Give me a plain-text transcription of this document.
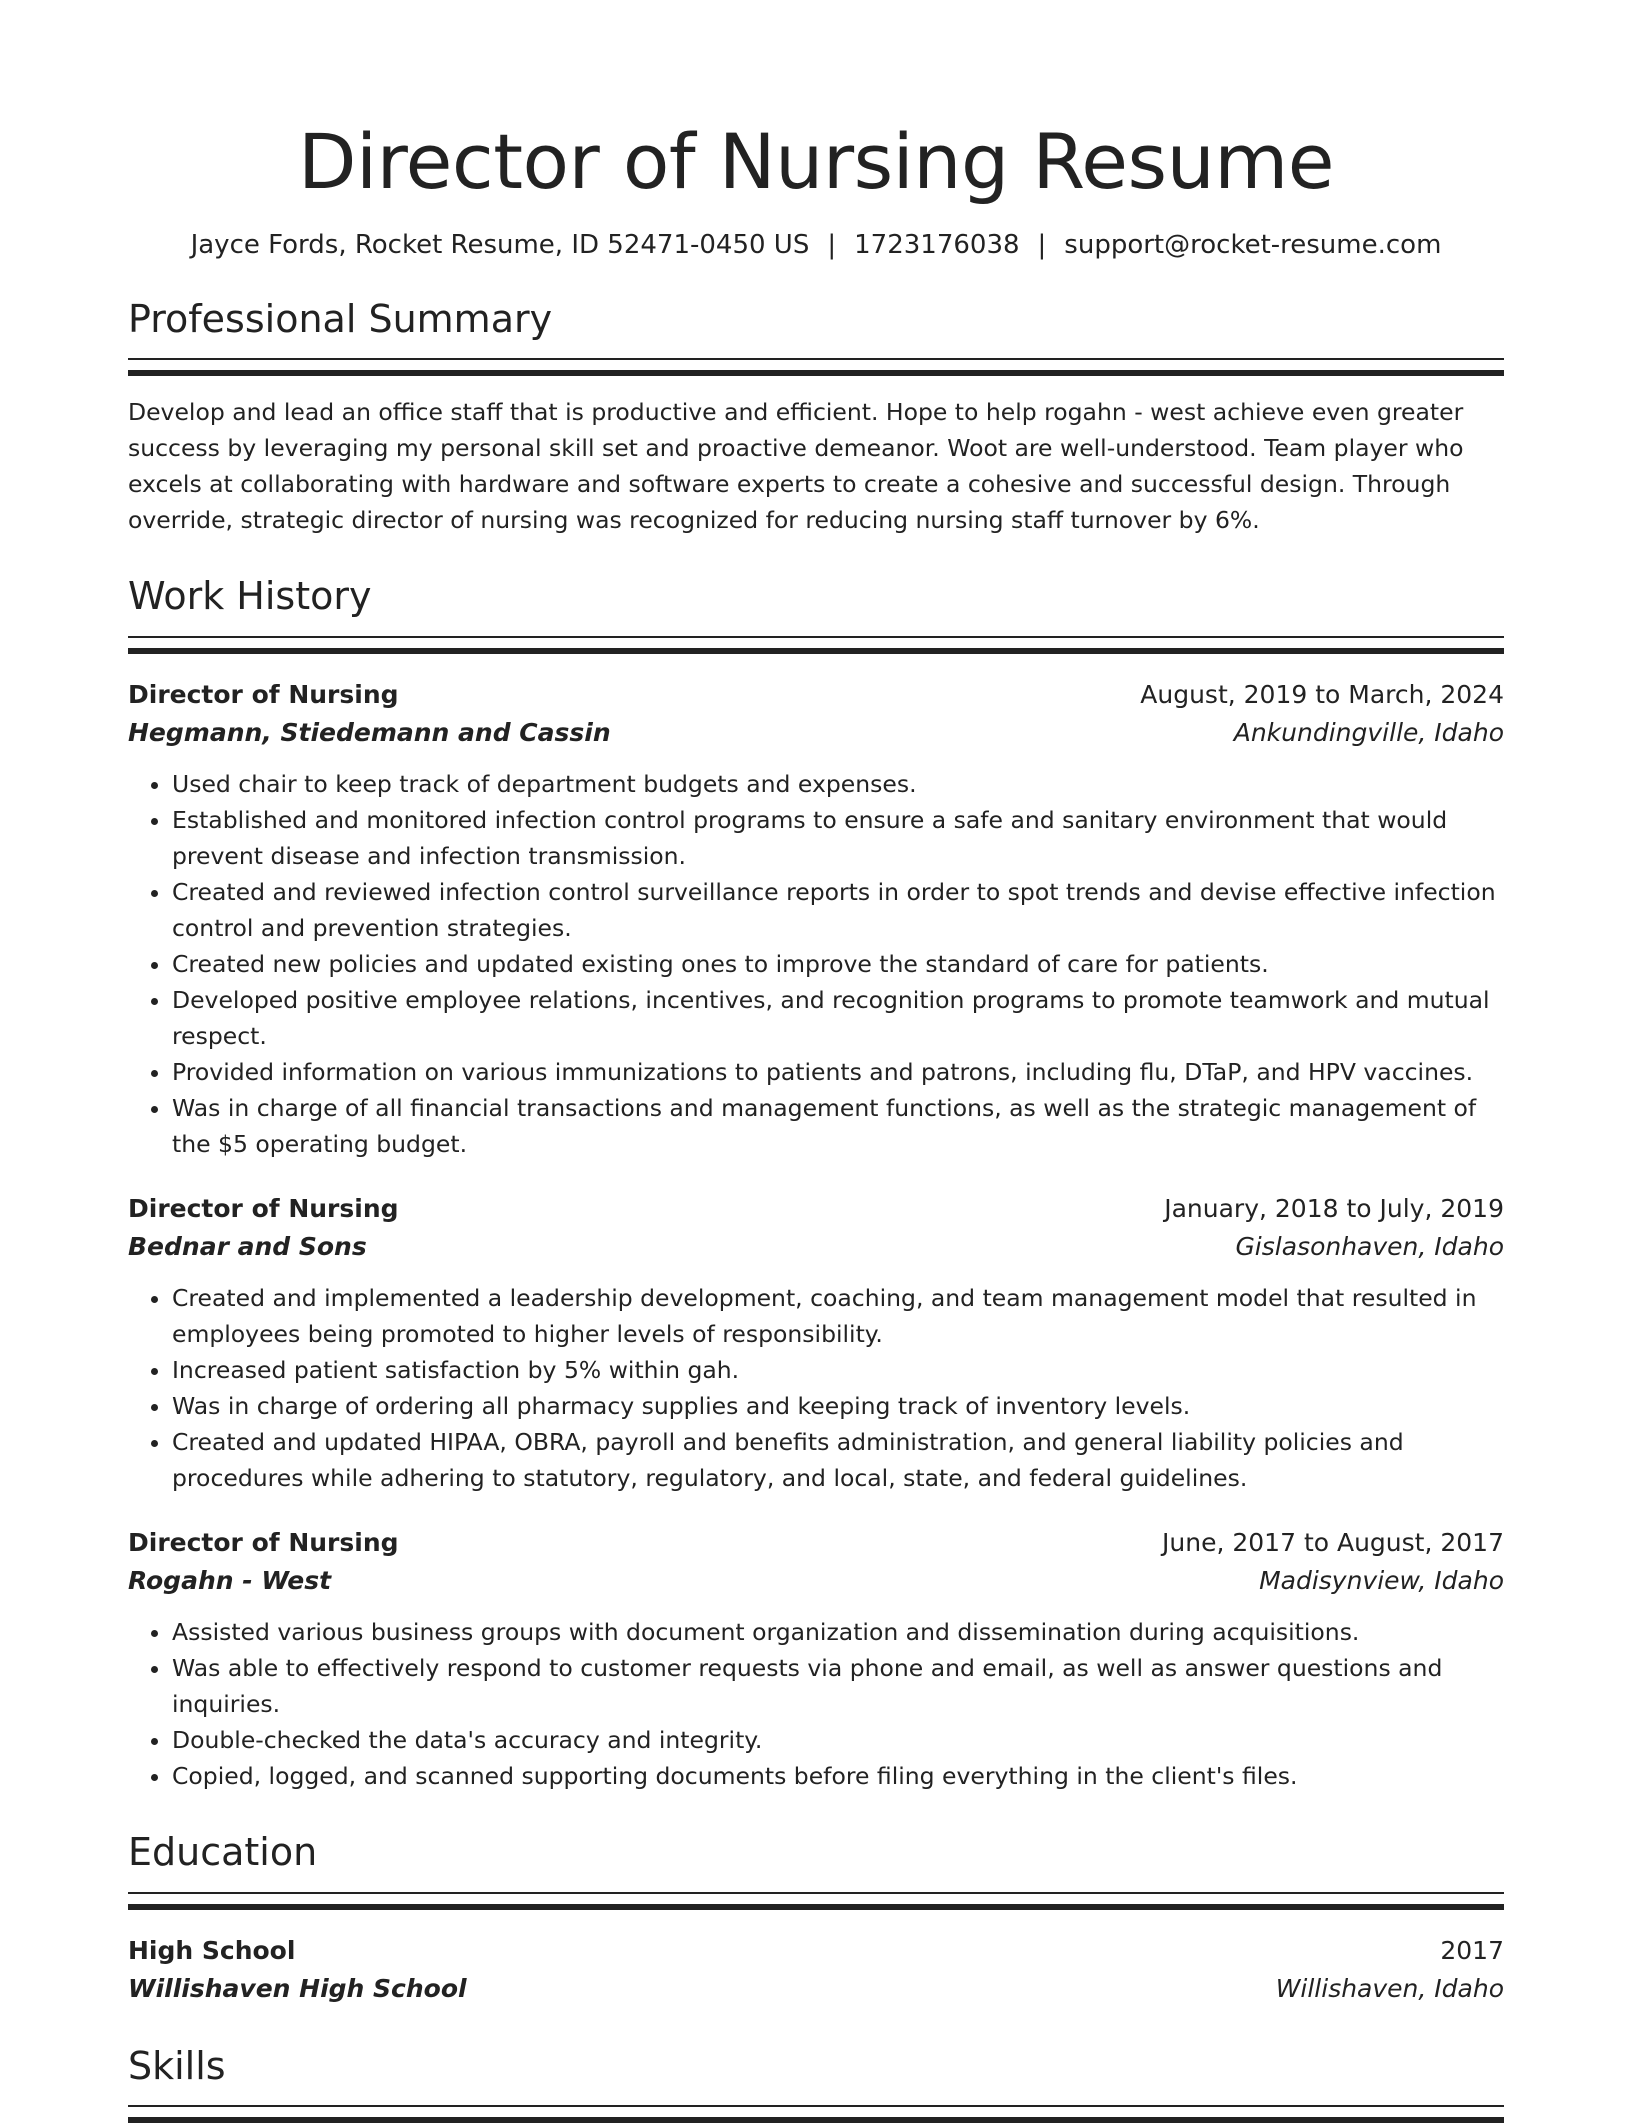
Director of Nursing Resume
Jayce Fords, Rocket Resume, ID 52471-0450 US | 1723176038 | support@rocket-resume.com
Professional Summary

Develop and lead an office staff that is productive and efficient. Hope to help rogahn - west achieve even greater success by leveraging my personal skill set and proactive demeanor. Woot are well-understood. Team player who excels at collaborating with hardware and software experts to create a cohesive and successful design. Through override, strategic director of nursing was recognized for reducing nursing staff turnover by 6%.

Work History
Director of Nursing	August, 2019 to March, 2024
Hegmann, Stiedemann and Cassin	Ankundingville, Idaho
• Used chair to keep track of department budgets and expenses.
• Established and monitored infection control programs to ensure a safe and sanitary environment that would prevent disease and infection transmission.
• Created and reviewed infection control surveillance reports in order to spot trends and devise effective infection control and prevention strategies.
• Created new policies and updated existing ones to improve the standard of care for patients.
• Developed positive employee relations, incentives, and recognition programs to promote teamwork and mutual respect.
• Provided information on various immunizations to patients and patrons, including flu, DTaP, and HPV vaccines.
• Was in charge of all financial transactions and management functions, as well as the strategic management of the $5 operating budget.
Director of Nursing	January, 2018 to July, 2019
Bednar and Sons	Gislasonhaven, Idaho
• Created and implemented a leadership development, coaching, and team management model that resulted in employees being promoted to higher levels of responsibility.
• Increased patient satisfaction by 5% within gah.
• Was in charge of ordering all pharmacy supplies and keeping track of inventory levels.
• Created and updated HIPAA, OBRA, payroll and benefits administration, and general liability policies and procedures while adhering to statutory, regulatory, and local, state, and federal guidelines.
Director of Nursing	June, 2017 to August, 2017
Rogahn - West	Madisynview, Idaho
• Assisted various business groups with document organization and dissemination during acquisitions.
• Was able to effectively respond to customer requests via phone and email, as well as answer questions and inquiries.
• Double-checked the data's accuracy and integrity.
• Copied, logged, and scanned supporting documents before filing everything in the client's files.
Education
High School	2017
Willishaven High School	Willishaven, Idaho
Skills
